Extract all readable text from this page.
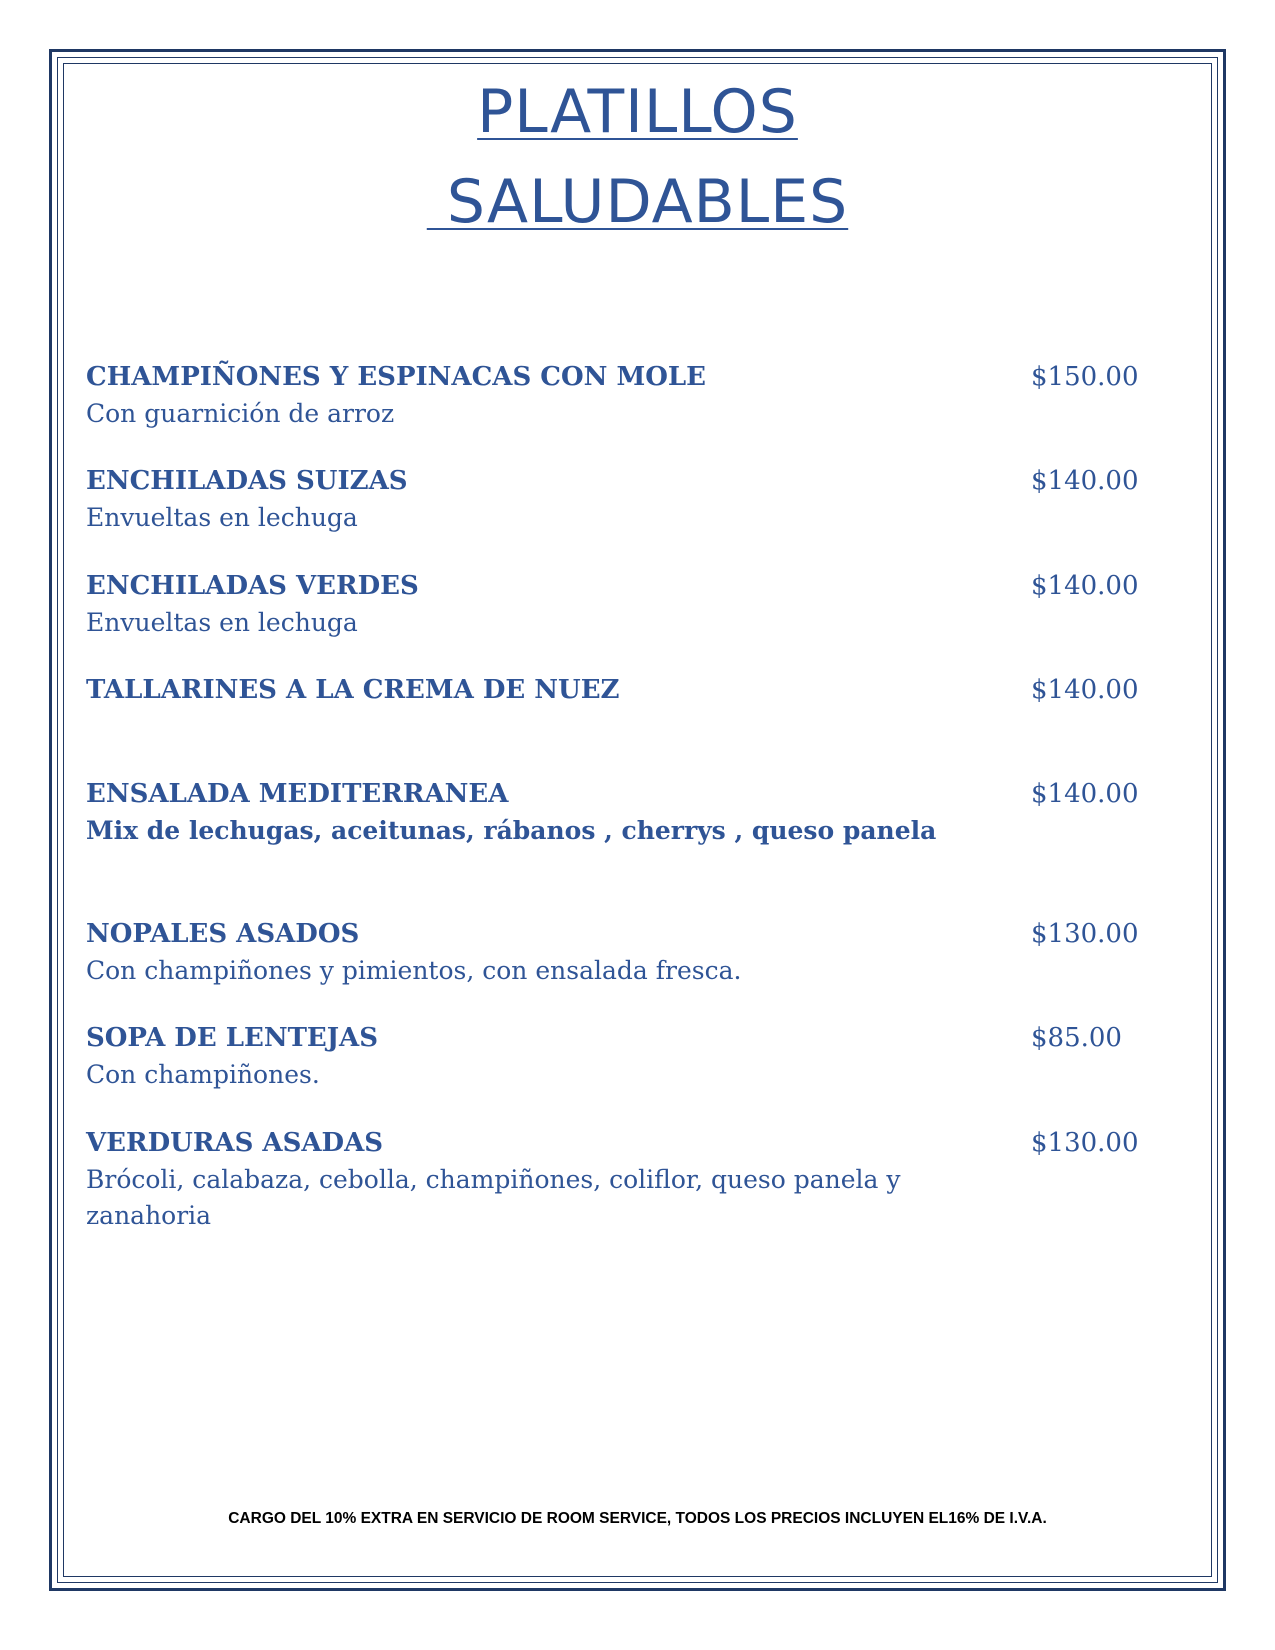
PLATILLOS
SALUDABLES
CHAMPIÑONES Y ESPINACAS CON MOLE	$150.00
Con guarnición de arroz
ENCHILADAS SUIZAS	$140.00
Envueltas en lechuga
ENCHILADAS VERDES	$140.00
Envueltas en lechuga
TALLARINES A LA CREMA DE NUEZ	$140.00
ENSALADA MEDITERRANEA	$140.00
Mix de lechugas, aceitunas, rábanos , cherrys , queso panela
NOPALES ASADOS	$130.00
Con champiñones y pimientos, con ensalada fresca.
SOPA DE LENTEJAS	$85.00
Con champiñones.
VERDURAS ASADAS	$130.00
Brócoli, calabaza, cebolla, champiñones, coliflor, queso panela y zanahoria
CARGO DEL 10% EXTRA EN SERVICIO DE ROOM SERVICE, TODOS LOS PRECIOS INCLUYEN EL16% DE I.V.A.
